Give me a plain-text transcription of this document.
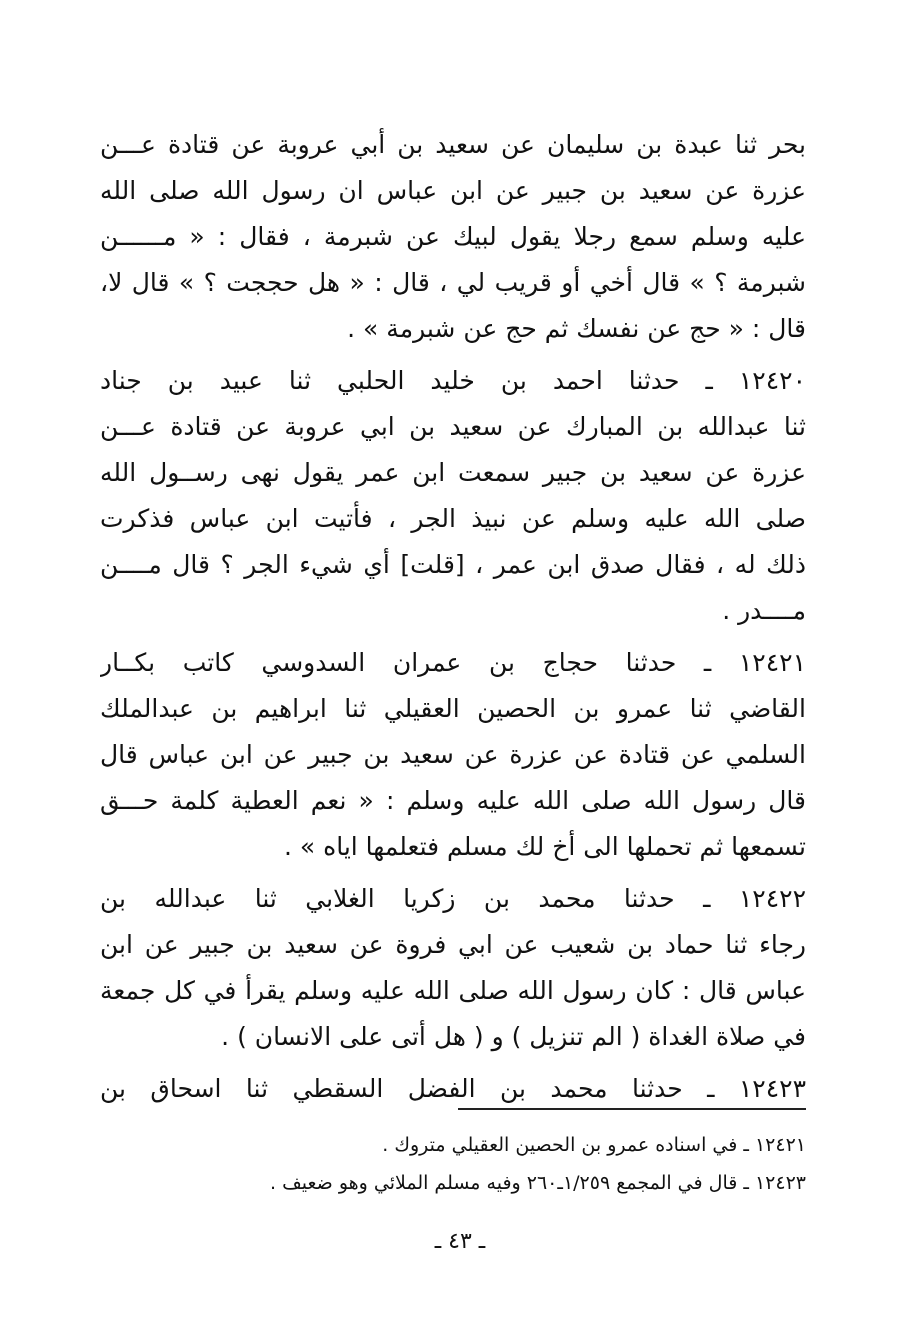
بحر ثنا عبدة بن سليمان عن سعيد بن أبي عروبة عن قتادة عـــن
عزرة عن سعيد بن جبير عن ابن عباس ان رسول الله صلى الله
عليه وسلم سمع رجلا يقول لبيك عن شبرمة ، فقال : « مــــــن
شبرمة ؟ » قال أخي أو قريب لي ، قال : « هل حججت ؟ » قال لا،
قال : « حج عن نفسك ثم حج عن شبرمة » .
١٢٤٢٠ ـ حدثنا احمد بن خليد الحلبي ثنا عبيد بن جناد
ثنا عبدالله بن المبارك عن سعيد بن ابي عروبة عن قتادة عـــن
عزرة عن سعيد بن جبير سمعت ابن عمر يقول نهى رســول الله
صلى الله عليه وسلم عن نبيذ الجر ، فأتيت ابن عباس فذكرت
ذلك له ، فقال صدق ابن عمر ، [قلت] أي شيء الجر ؟ قال مــــن
مــــدر .
١٢٤٢١ ـ حدثنا حجاج بن عمران السدوسي كاتب بكــار
القاضي ثنا عمرو بن الحصين العقيلي ثنا ابراهيم بن عبدالملك
السلمي عن قتادة عن عزرة عن سعيد بن جبير عن ابن عباس قال
قال رسول الله صلى الله عليه وسلم : « نعم العطية كلمة حـــق
تسمعها ثم تحملها الى أخ لك مسلم فتعلمها اياه » .
١٢٤٢٢ ـ حدثنا محمد بن زكريا الغلابي ثنا عبدالله بن
رجاء ثنا حماد بن شعيب عن ابي فروة عن سعيد بن جبير عن ابن
عباس قال : كان رسول الله صلى الله عليه وسلم يقرأ في كل جمعة
في صلاة الغداة ( الم تنزيل ) و ( هل أتى على الانسان ) .
١٢٤٢٣ ـ حدثنا محمد بن الفضل السقطي ثنا اسحاق بن
١٢٤٢١ ـ في اسناده عمرو بن الحصين العقيلي متروك .
١٢٤٢٣ ـ قال في المجمع ١/٢٥٩ـ٢٦٠ وفيه مسلم الملائي وهو ضعيف .
ـ ٤٣ ـ
